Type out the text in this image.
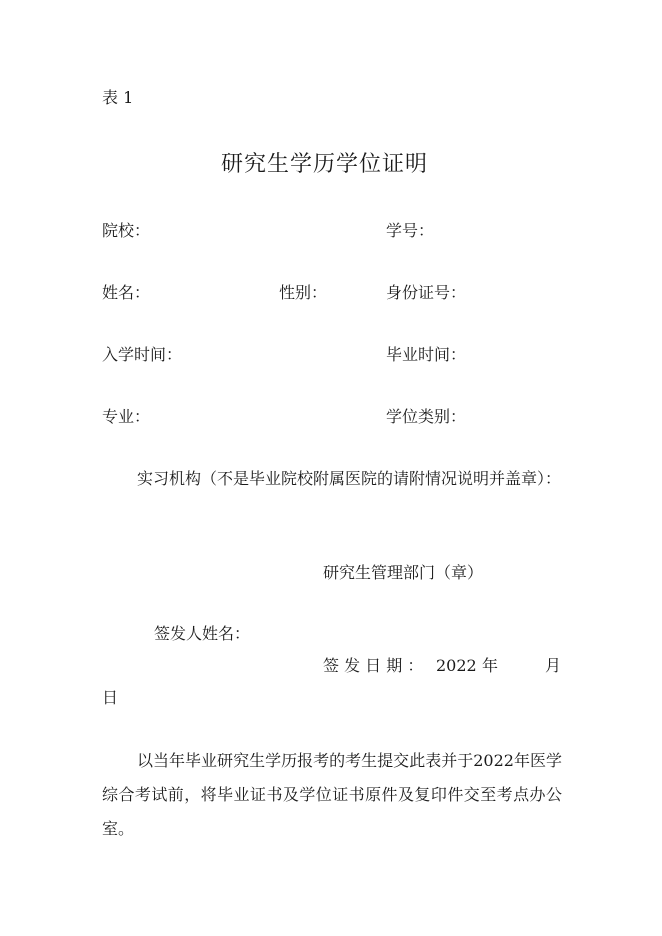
表 1
研究生学历学位证明
院校：	学号：
姓名：	性别：	身份证号：
入学时间：	毕业时间：
专业：	学位类别：
实习机构（不是毕业院校附属医院的请附情况说明并盖章）：
研究生管理部门（章）
签发人姓名：
签 发 日 期 ： 2022 年	月
日
以当年毕业研究生学历报考的考生提交此表并于2022年医学综合考试前，将毕业证书及学位证书原件及复印件交至考点办公室。
